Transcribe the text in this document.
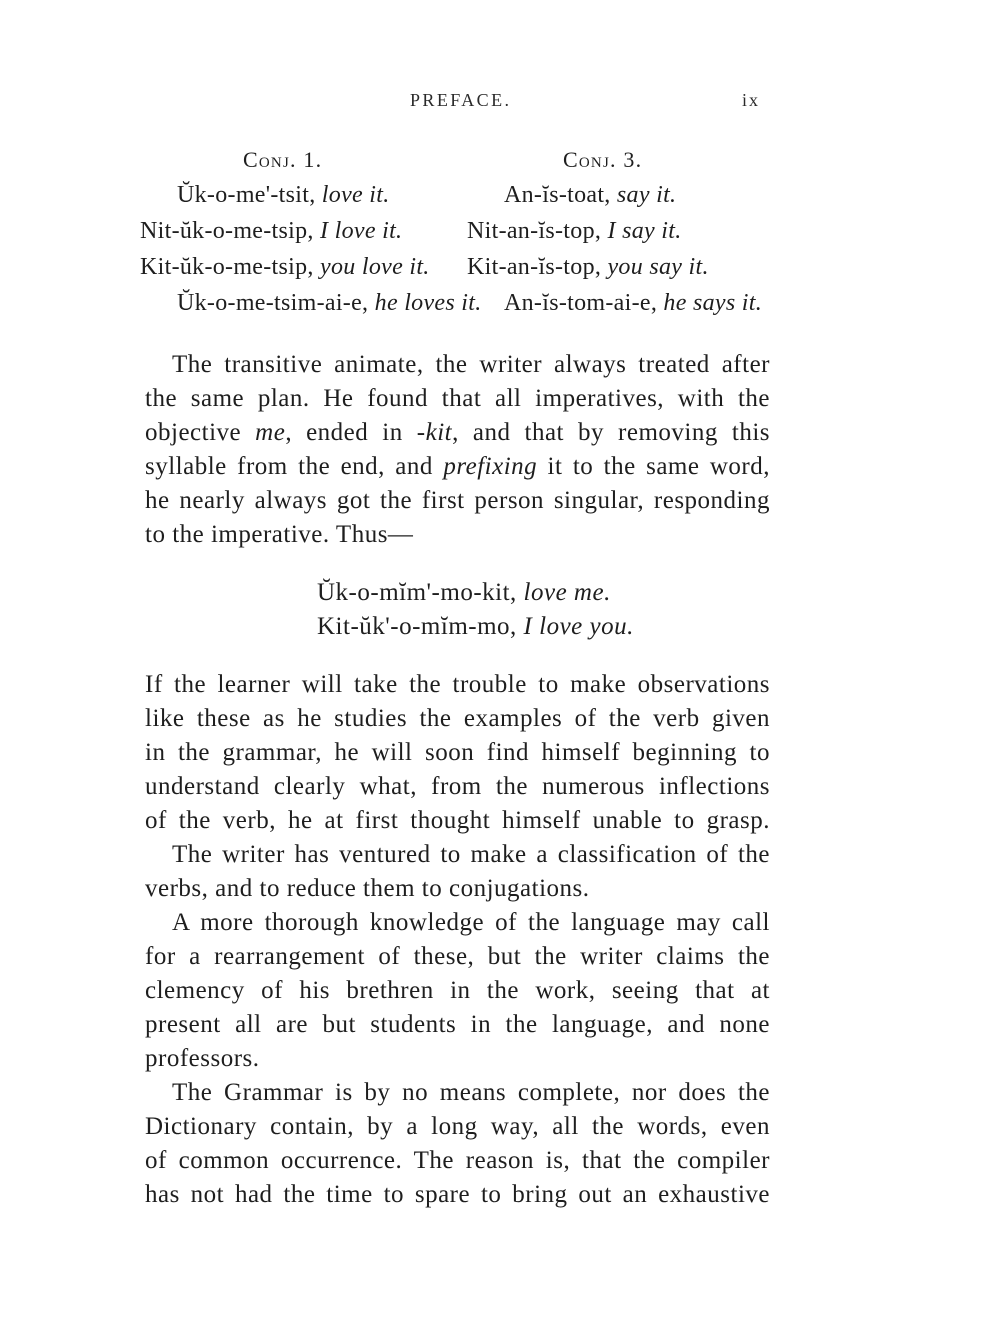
PREFACE.	ix
Conj. 1.
Ŭk-o-me'-tsit, love it.
Nit-ŭk-o-me-tsip, I love it.
Kit-ŭk-o-me-tsip, you love it.
Ŭk-o-me-tsim-ai-e, he loves it.
Conj. 3.
An-ĭs-toat, say it.
Nit-an-ĭs-top, I say it.
Kit-an-ĭs-top, you say it.
An-ĭs-tom-ai-e, he says it.
The transitive animate, the writer always treated after
the same plan. He found that all imperatives, with the
objective me, ended in -kit, and that by removing this
syllable from the end, and prefixing it to the same word,
he nearly always got the first person singular, responding
to the imperative. Thus—
Ŭk-o-mĭm'-mo-kit, love me.
Kit-ŭk'-o-mĭm-mo, I love you.
If the learner will take the trouble to make observations
like these as he studies the examples of the verb given
in the grammar, he will soon find himself beginning to
understand clearly what, from the numerous inflections
of the verb, he at first thought himself unable to grasp.
The writer has ventured to make a classification of the
verbs, and to reduce them to conjugations.
A more thorough knowledge of the language may call
for a rearrangement of these, but the writer claims the
clemency of his brethren in the work, seeing that at
present all are but students in the language, and none
professors.
The Grammar is by no means complete, nor does the
Dictionary contain, by a long way, all the words, even
of common occurrence. The reason is, that the compiler
has not had the time to spare to bring out an exhaustive
